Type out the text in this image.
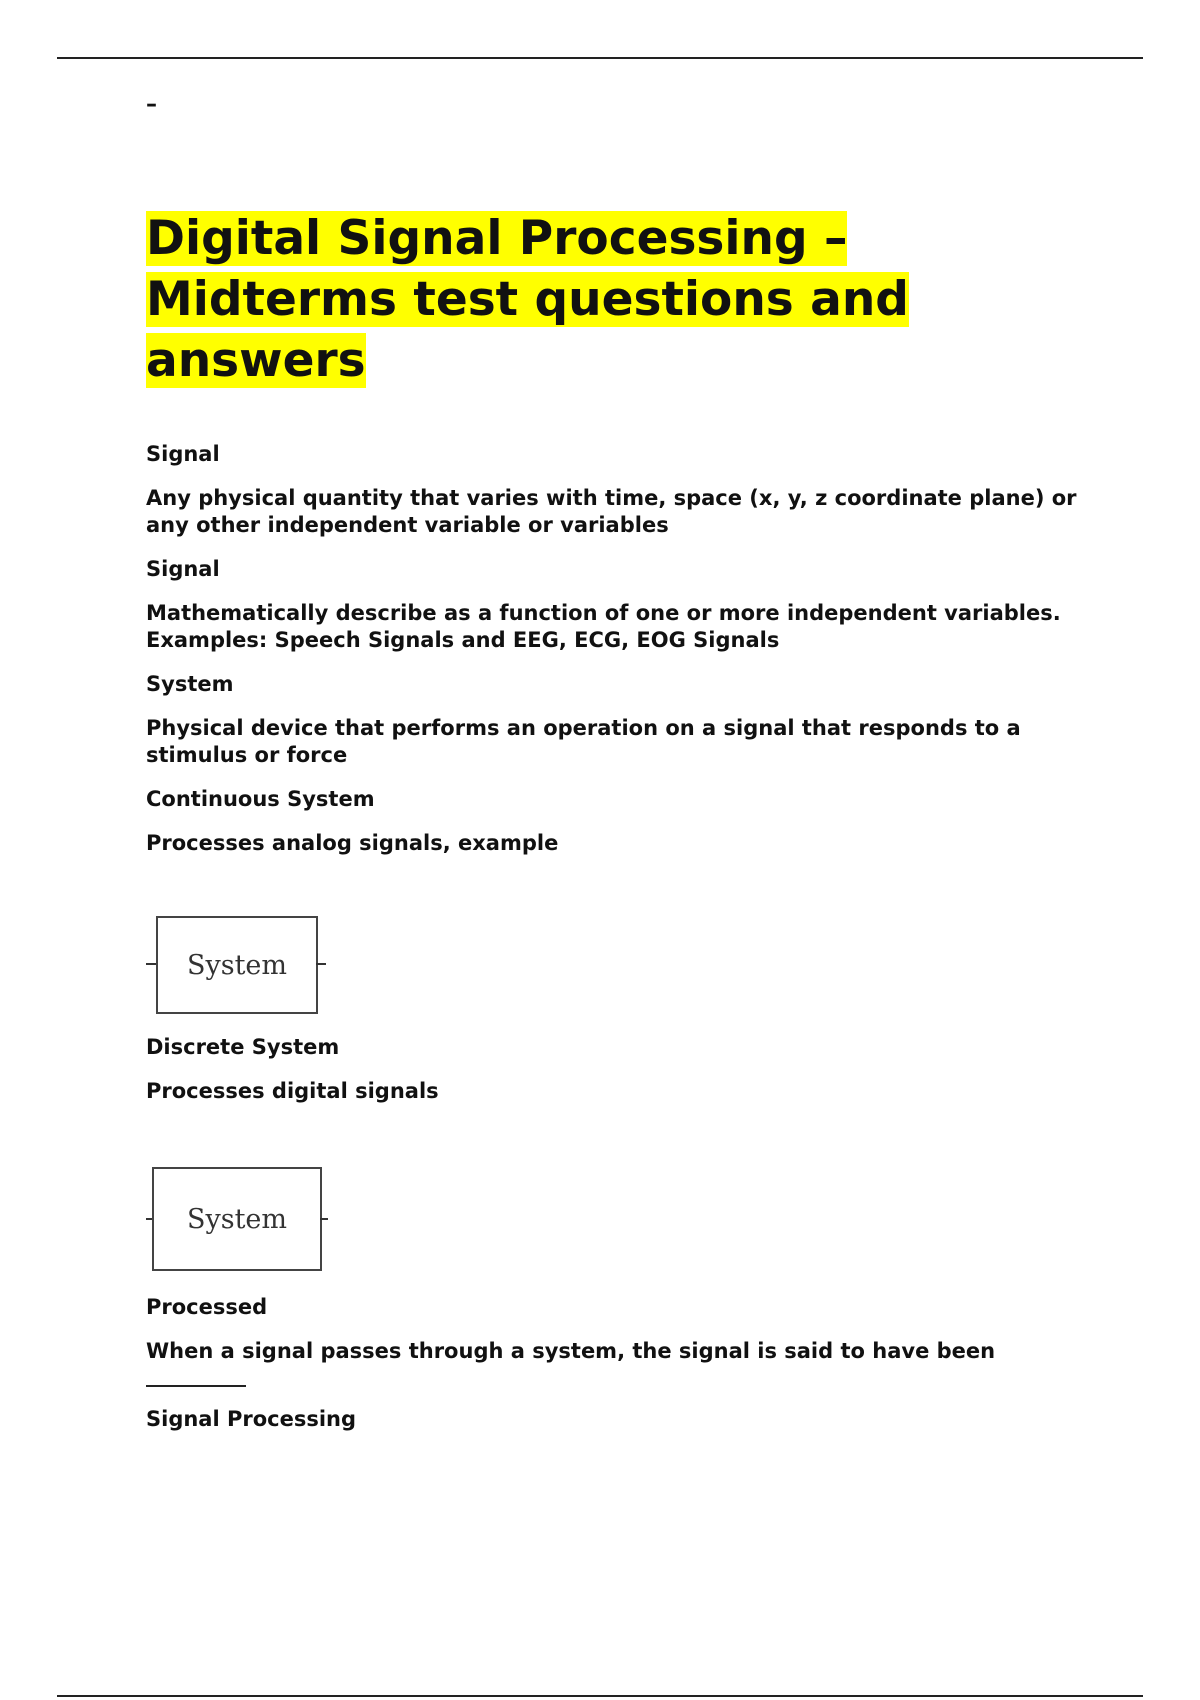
–
Digital Signal Processing –
Midterms test questions and
answers

Signal

Any physical quantity that varies with time, space (x, y, z coordinate plane) or any other independent variable or variables

Signal

Mathematically describe as a function of one or more independent variables. Examples: Speech Signals and EEG, ECG, EOG Signals

System

Physical device that performs an operation on a signal that responds to a stimulus or force

Continuous System

Processes analog signals, example

System

Discrete System

Processes digital signals

System

Processed

When a signal passes through a system, the signal is said to have been

Signal Processing
